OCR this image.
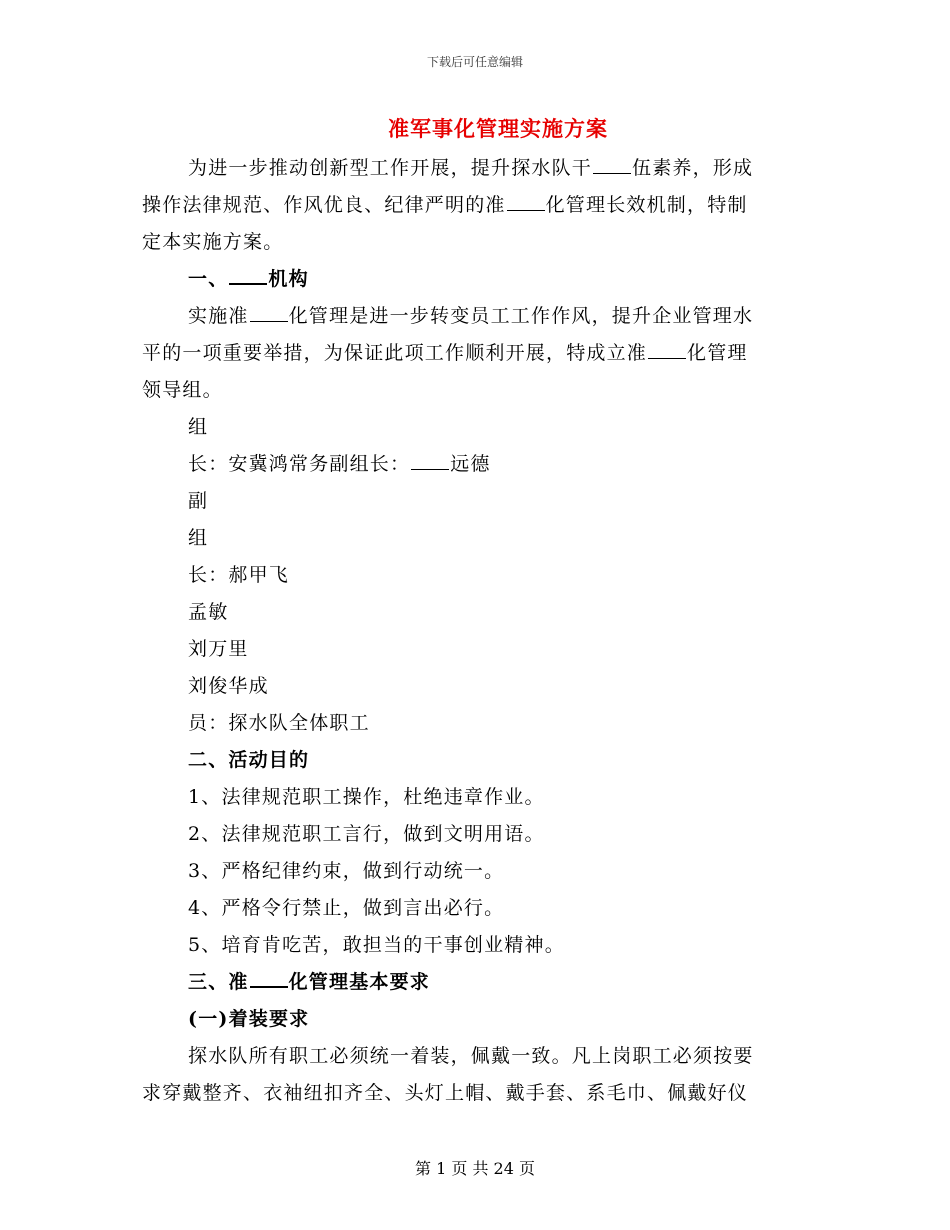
下载后可任意编辑
准军事化管理实施方案
为进一步推动创新型工作开展，提升探水队干 伍素养，形成
操作法律规范、作风优良、纪律严明的准 化管理长效机制，特制
定本实施方案。
一、 机构
实施准 化管理是进一步转变员工工作作风，提升企业管理水
平的一项重要举措，为保证此项工作顺利开展，特成立准 化管理
领导组。
组
长：安冀鸿常务副组长： 远德
副
组
长：郝甲飞
孟敏
刘万里
刘俊华成
员：探水队全体职工
二、活动目的
1、法律规范职工操作，杜绝违章作业。
2、法律规范职工言行，做到文明用语。
3、严格纪律约束，做到行动统一。
4、严格令行禁止，做到言出必行。
5、培育肯吃苦，敢担当的干事创业精神。
三、准 化管理基本要求
(一)着装要求
探水队所有职工必须统一着装，佩戴一致。凡上岗职工必须按要
求穿戴整齐、衣袖纽扣齐全、头灯上帽、戴手套、系毛巾、佩戴好仪
第 1 页 共 24 页
